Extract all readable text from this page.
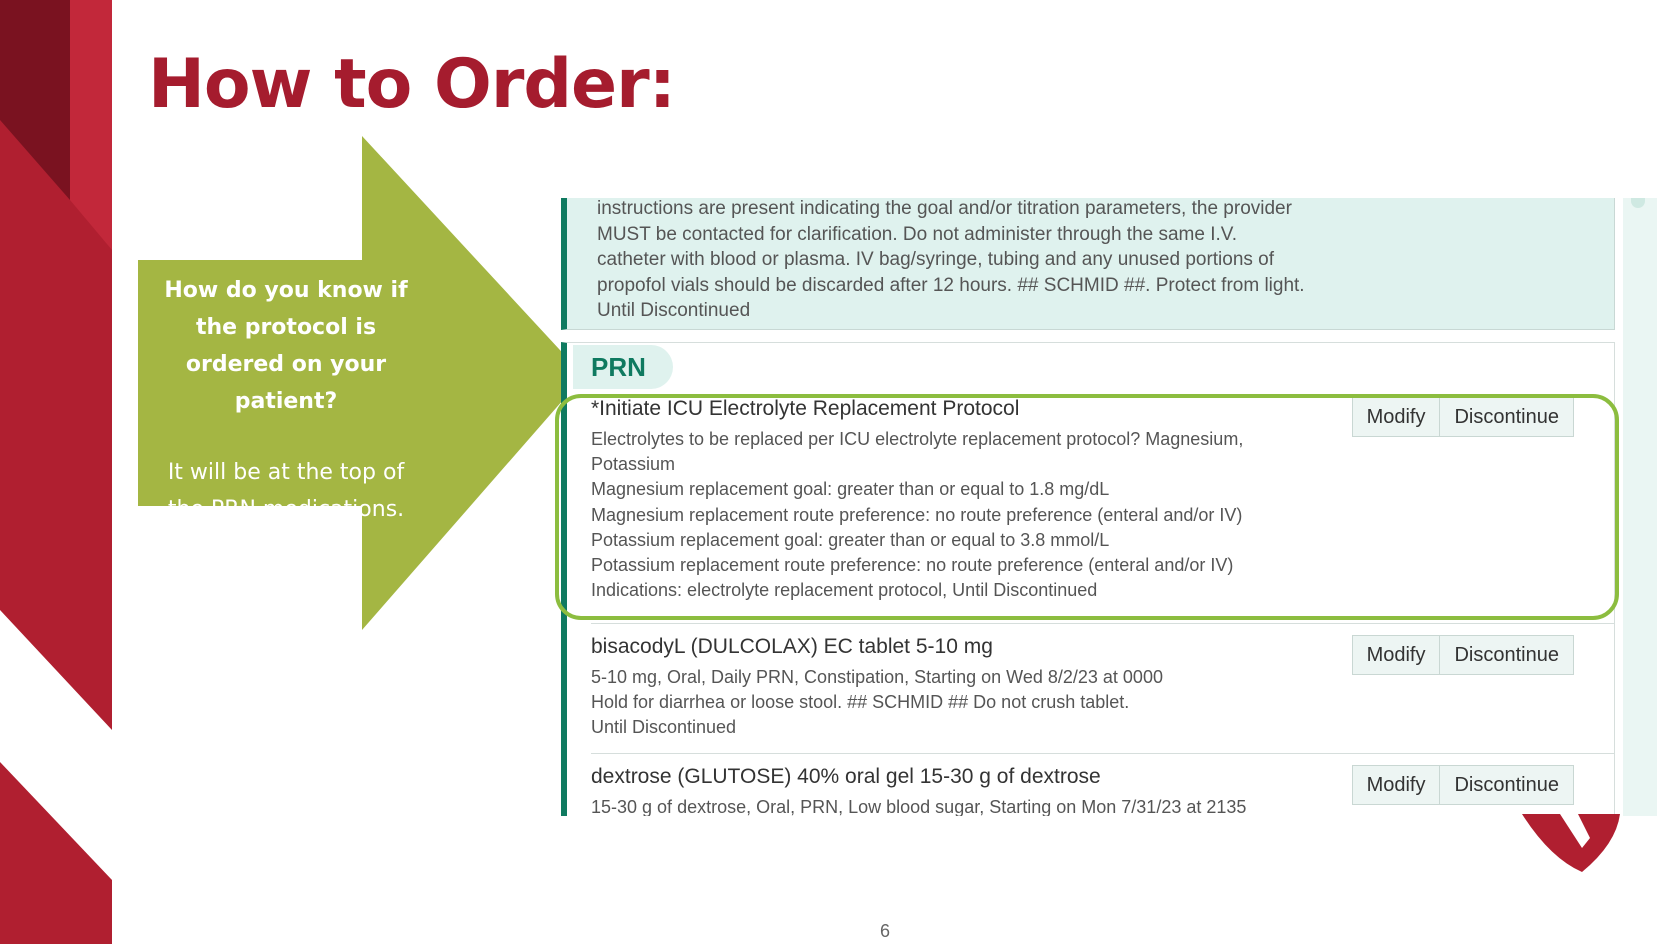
How to Order:
How do you know if the protocol is ordered on your patient?
It will be at the top of the PRN medications.
instructions are present indicating the goal and/or titration parameters, the provider
MUST be contacted for clarification. Do not administer through the same I.V.
catheter with blood or plasma. IV bag/syringe, tubing and any unused portions of
propofol vials should be discarded after 12 hours. ## SCHMID ##. Protect from light.
Until Discontinued
PRN
*Initiate ICU Electrolyte Replacement Protocol
Electrolytes to be replaced per ICU electrolyte replacement protocol? Magnesium,
Potassium
Magnesium replacement goal: greater than or equal to 1.8 mg/dL
Magnesium replacement route preference: no route preference (enteral and/or IV)
Potassium replacement goal: greater than or equal to 3.8 mmol/L
Potassium replacement route preference: no route preference (enteral and/or IV)
Indications: electrolyte replacement protocol, Until Discontinued
Modify	Discontinue
bisacodyL (DULCOLAX) EC tablet 5-10 mg
5-10 mg, Oral, Daily PRN, Constipation, Starting on Wed 8/2/23 at 0000
Hold for diarrhea or loose stool. ## SCHMID ## Do not crush tablet.
Until Discontinued
Modify	Discontinue
dextrose (GLUTOSE) 40% oral gel 15-30 g of dextrose
15-30 g of dextrose, Oral, PRN, Low blood sugar, Starting on Mon 7/31/23 at 2135
Modify	Discontinue
6
